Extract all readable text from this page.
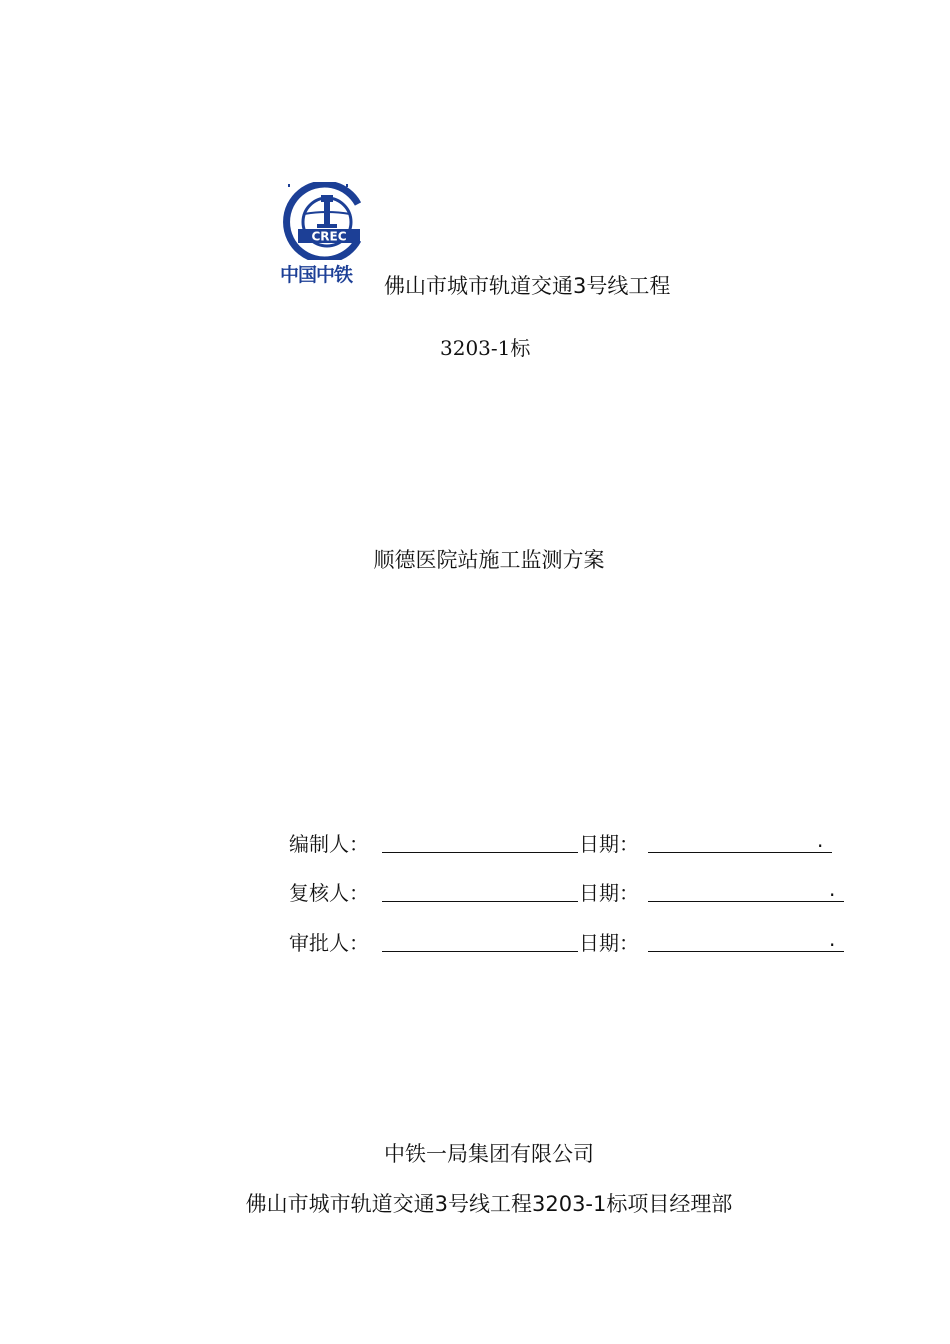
CREC
中国中铁	佛山市城市轨道交通3号线工程
3203-1标
顺德医院站施工监测方案
编制人：	日期：	.
复核人：	日期：	.
审批人：	日期：	.
中铁一局集团有限公司
佛山市城市轨道交通3号线工程3203-1标项目经理部
